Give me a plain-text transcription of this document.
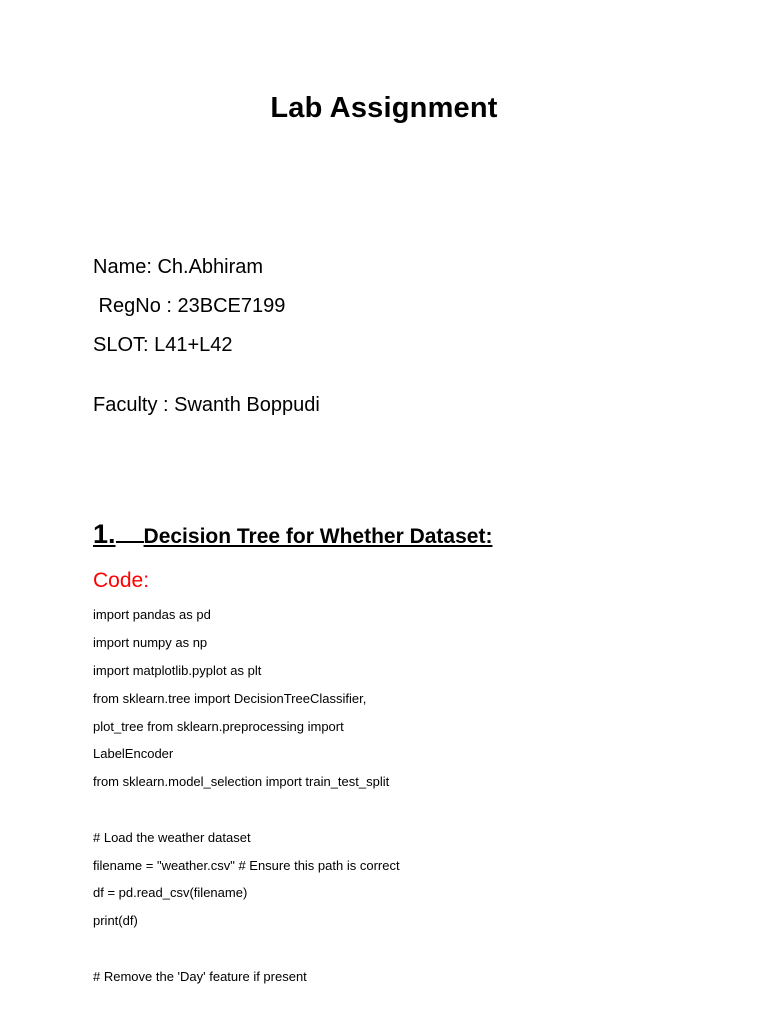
Lab Assignment
Name: Ch.Abhiram
RegNo : 23BCE7199
SLOT: L41+L42
Faculty : Swanth Boppudi
1. Decision Tree for Whether Dataset:
Code:
import pandas as pd
import numpy as np
import matplotlib.pyplot as plt
from sklearn.tree import DecisionTreeClassifier,
plot_tree from sklearn.preprocessing import
LabelEncoder
from sklearn.model_selection import train_test_split
# Load the weather dataset
filename = "weather.csv" # Ensure this path is correct
df = pd.read_csv(filename)
print(df)
# Remove the 'Day' feature if present
